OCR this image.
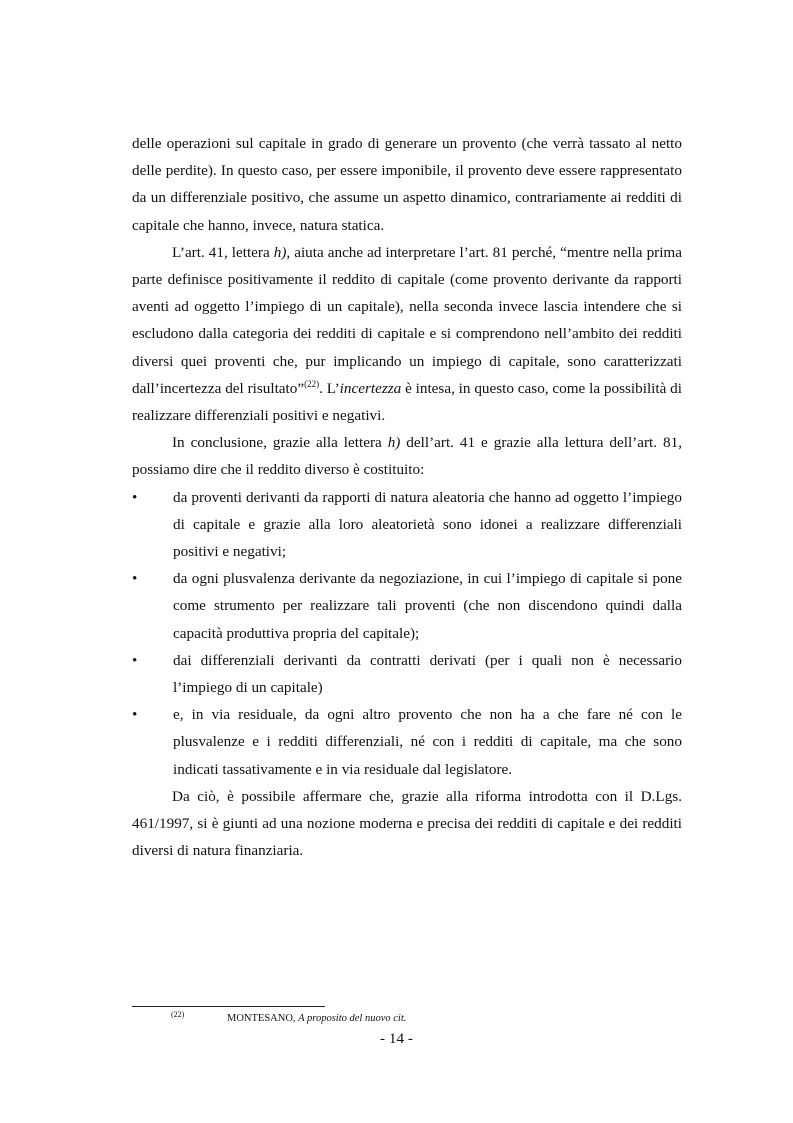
delle operazioni sul capitale in grado di generare un provento (che verrà tassato al netto delle perdite). In questo caso, per essere imponibile, il provento deve essere rappresentato da un differenziale positivo, che assume un aspetto dinamico, contrariamente ai redditi di capitale che hanno, invece, natura statica.

L’art. 41, lettera h), aiuta anche ad interpretare l’art. 81 perché, “mentre nella prima parte definisce positivamente il reddito di capitale (come provento derivante da rapporti aventi ad oggetto l’impiego di un capitale), nella seconda invece lascia intendere che si escludono dalla categoria dei redditi di capitale e si comprendono nell’ambito dei redditi diversi quei proventi che, pur implicando un impiego di capitale, sono caratterizzati dall’incertezza del risultato”$^{(22)}$. L’incertezza è intesa, in questo caso, come la possibilità di realizzare differenziali positivi e negativi.

In conclusione, grazie alla lettera h) dell’art. 41 e grazie alla lettura dell’art. 81, possiamo dire che il reddito diverso è costituito:

• da proventi derivanti da rapporti di natura aleatoria che hanno ad oggetto l’impiego di capitale e grazie alla loro aleatorietà sono idonei a realizzare differenziali positivi e negativi;
• da ogni plusvalenza derivante da negoziazione, in cui l’impiego di capitale si pone come strumento per realizzare tali proventi (che non discendono quindi dalla capacità produttiva propria del capitale);
• dai differenziali derivanti da contratti derivati (per i quali non è necessario l’impiego di un capitale)
• e, in via residuale, da ogni altro provento che non ha a che fare né con le plusvalenze e i redditi differenziali, né con i redditi di capitale, ma che sono indicati tassativamente e in via residuale dal legislatore.

Da ciò, è possibile affermare che, grazie alla riforma introdotta con il D.Lgs. 461/1997, si è giunti ad una nozione moderna e precisa dei redditi di capitale e dei redditi diversi di natura finanziaria.

(22)	MONTESANO, A proposito del nuovo cit.
- 14 -
